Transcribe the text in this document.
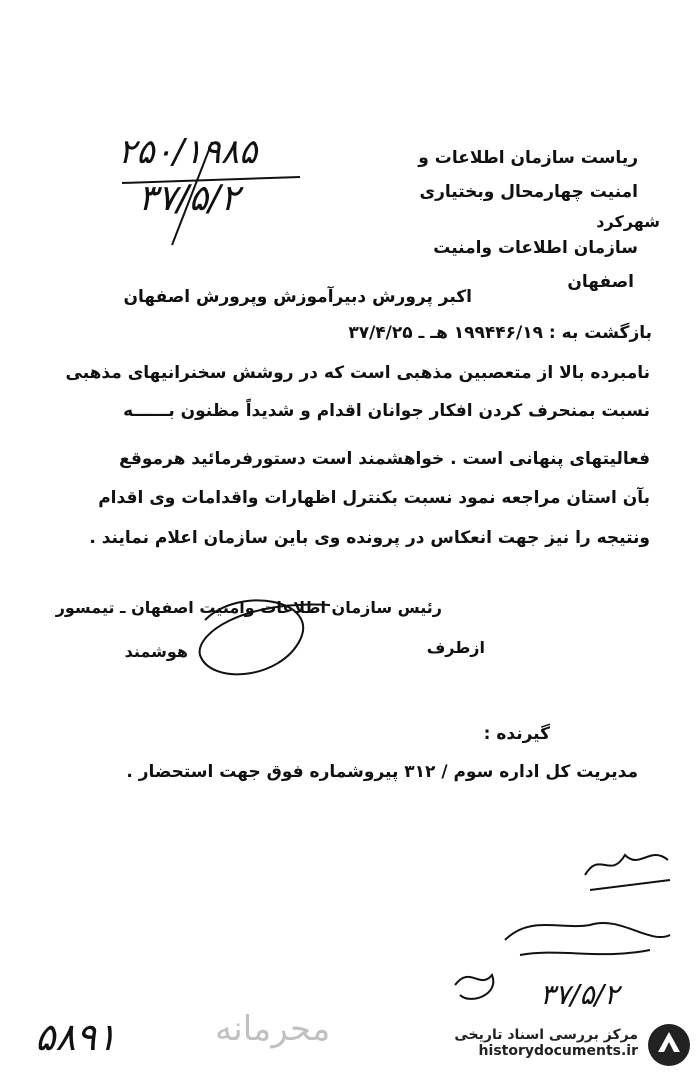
۲۵۰/۱۹۸۵
۳۷/۵/۲
محرمانه
ریاست سازمان اطلاعات و
امنیت چهارمحال وبختیاری
شهرکرد
سازمان اطلاعات وامنیت
اصفهان
اکبر پرورش دبیرآموزش وپرورش اصفهان
بازگشت به : ۱۹۹۴۴۶/۱۹ هـ ـ ۳۷/۴/۲۵
نامبرده بالا از متعصبین مذهبی است که در روشش سخنرانیهای مذهبی
نسبت بمنحرف کردن افکار جوانان اقدام و شدیداً مظنون بــــــه
فعالیتهای پنهانی است . خواهشمند است دستورفرمائید هرموقع
بآن استان مراجعه نمود نسبت بکنترل اظهارات واقدامات وی اقدام
ونتیجه را نیز جهت انعکاس در پرونده وی باین سازمان اعلام نمایند .
رئیس سازمان اطلاعات وامنیت اصفهان ـ تیمسور
هوشمند	ازطرف
گیرنده :
مدیریت کل اداره سوم / ۳۱۲ پیروشماره فوق جهت استحضار .
۳۷/۵/۲
۵۸۹۱	مرکز بررسی اسناد تاریخی
historydocuments.ir
